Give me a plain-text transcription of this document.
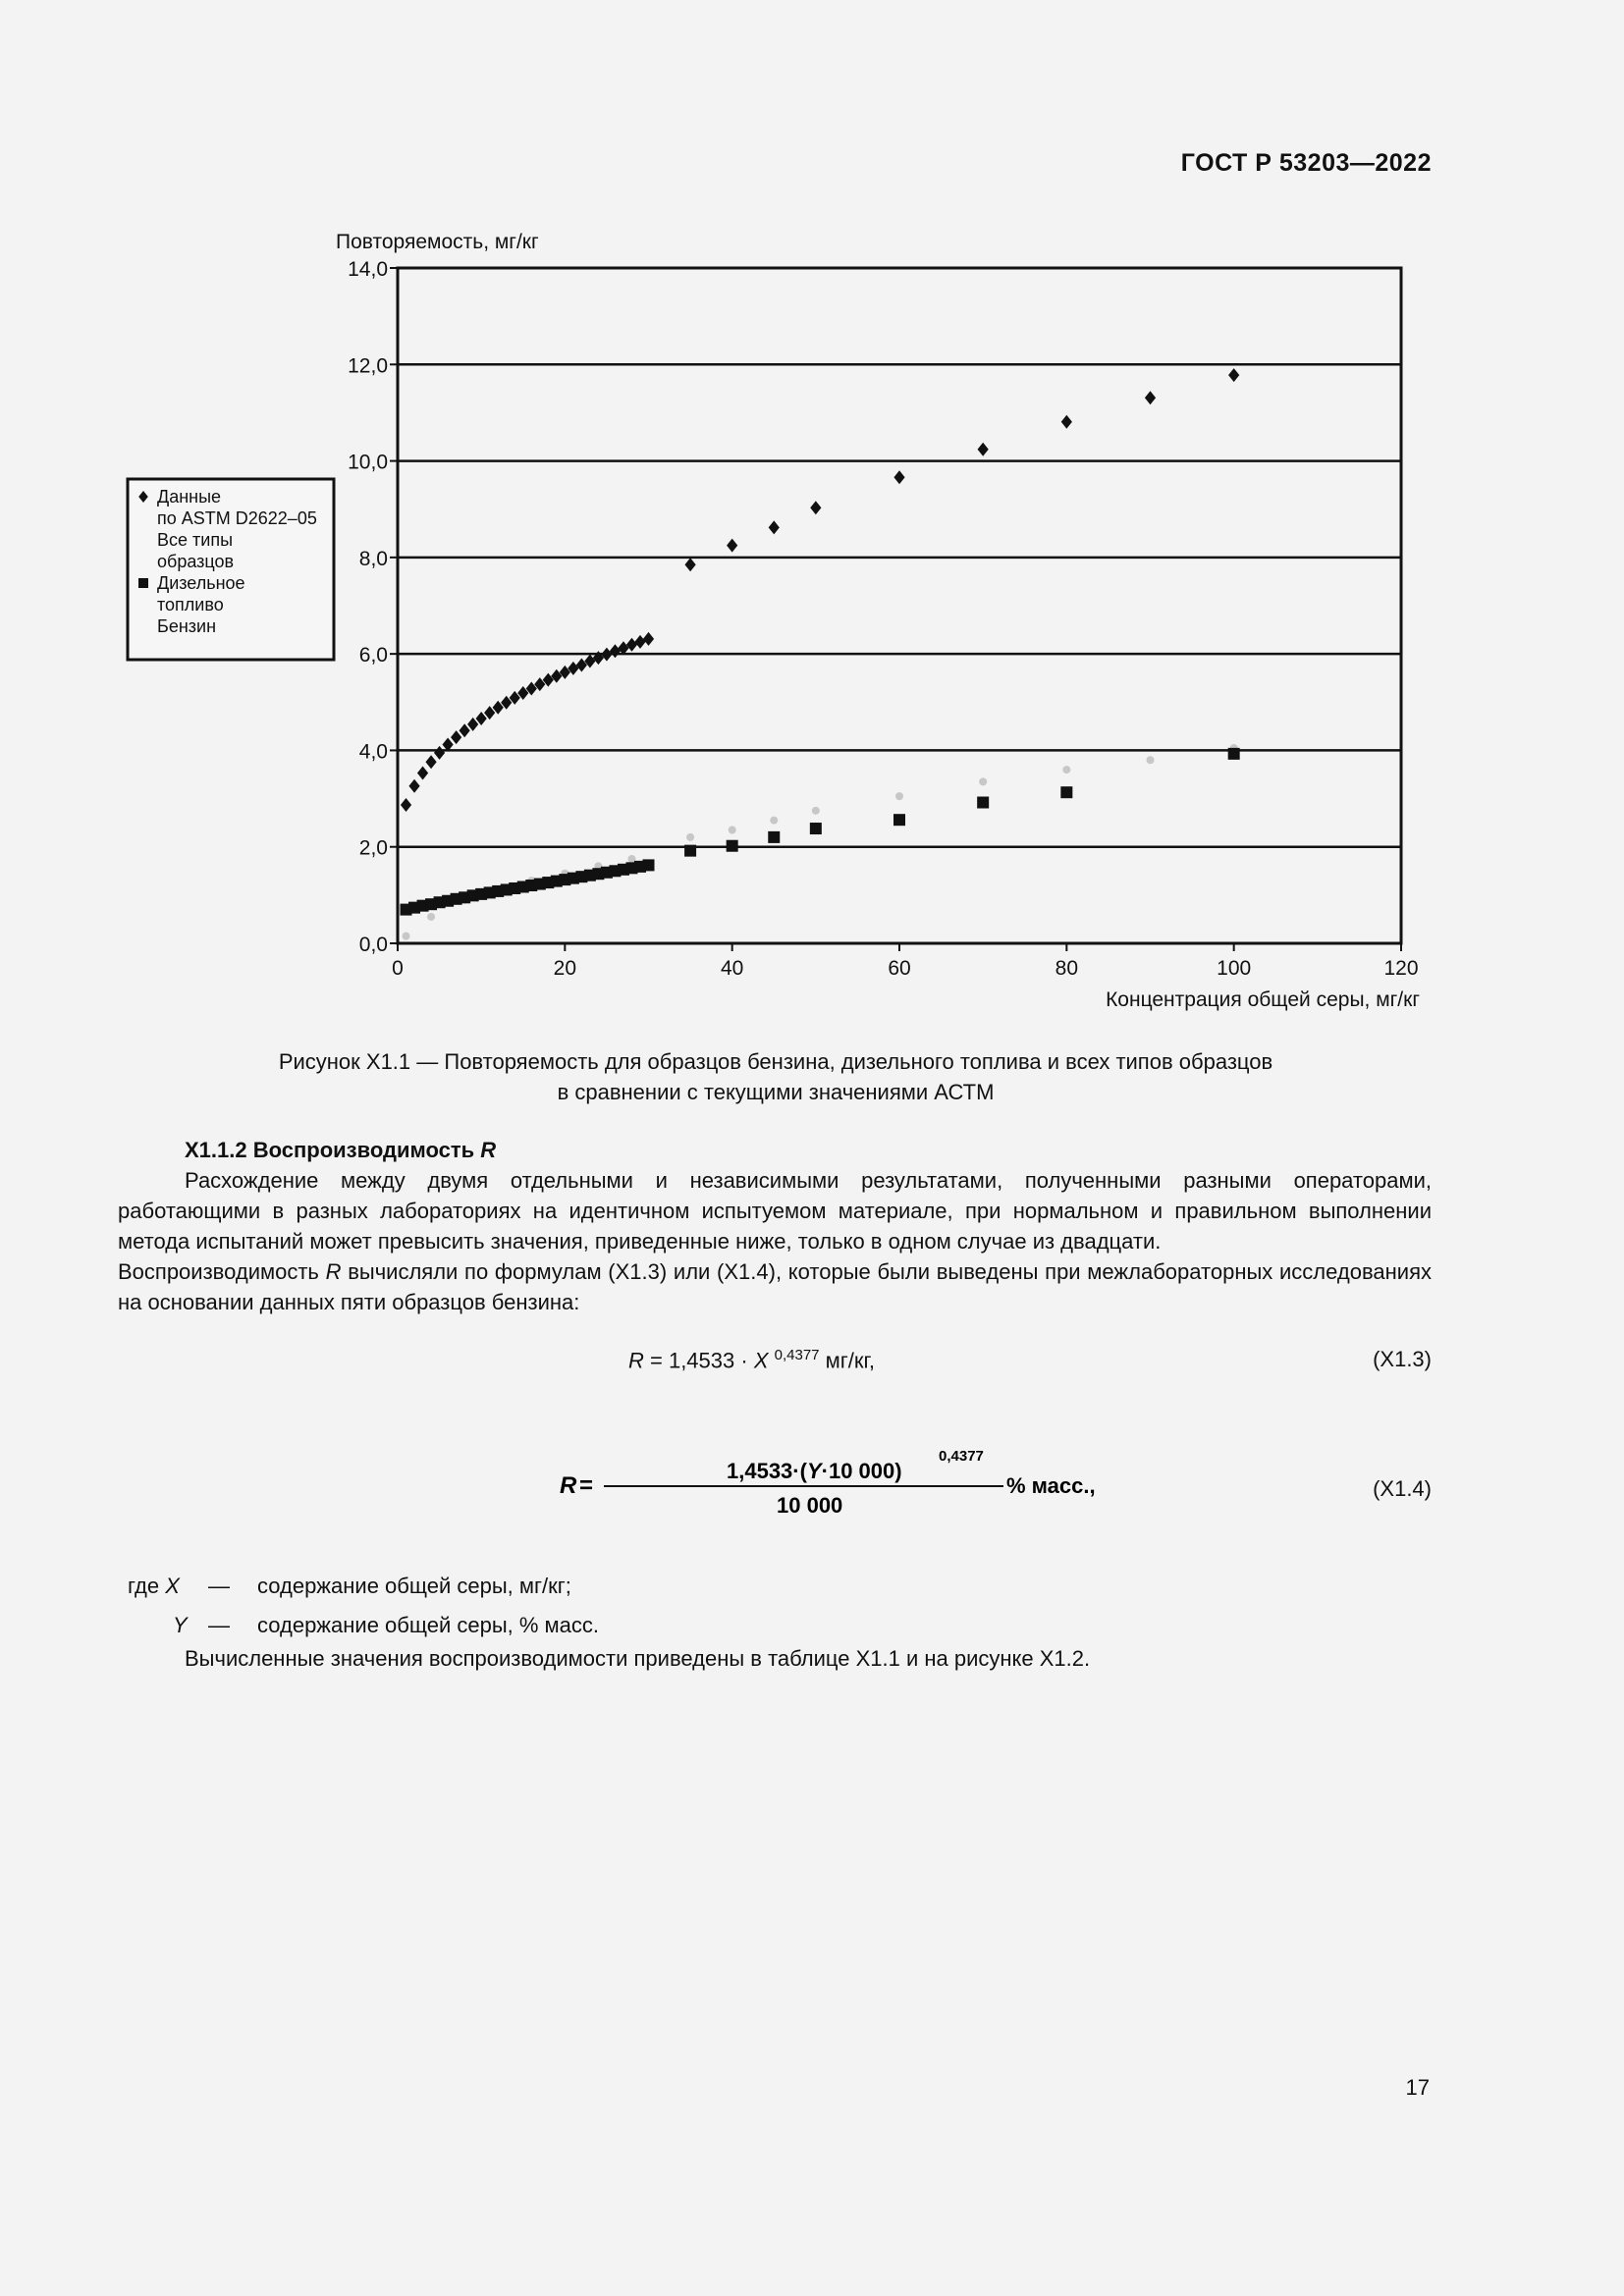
ГОСТ Р 53203—2022
Повторяемость, мг/кг
Концентрация общей серы, мг/кг
0,0
2,0
4,0
6,0
8,0
10,0
12,0
14,0
0	20	40	60	80	100	120
Данные
по ASTM D2622–05
Все типы
образцов
Дизельное
топливо
Бензин
Рисунок X1.1 — Повторяемость для образцов бензина, дизельного топлива и всех типов образцов
в сравнении с текущими значениями АСТМ

X1.1.2 Воспроизводимость R

Расхождение между двумя отдельными и независимыми результатами, полученными разными операторами, работающими в разных лабораториях на идентичном испытуемом материале, при нормальном и правильном выполнении метода испытаний может превысить значения, приведенные ниже, только в одном случае из двадцати.

Воспроизводимость R вычисляли по формулам (X1.3) или (X1.4), которые были выведены при межлабораторных исследованиях на основании данных пяти образцов бензина:

R = 1,4533 · X $^{0,4377}$ мг/кг,	(X1.3)
R =
1,4533·(Y·10 000)
0,4377
10 000
% масс.,	(X1.4)
где X — содержание общей серы, мг/кг;
Y — содержание общей серы, % масс.
Вычисленные значения воспроизводимости приведены в таблице X1.1 и на рисунке X1.2.
17
